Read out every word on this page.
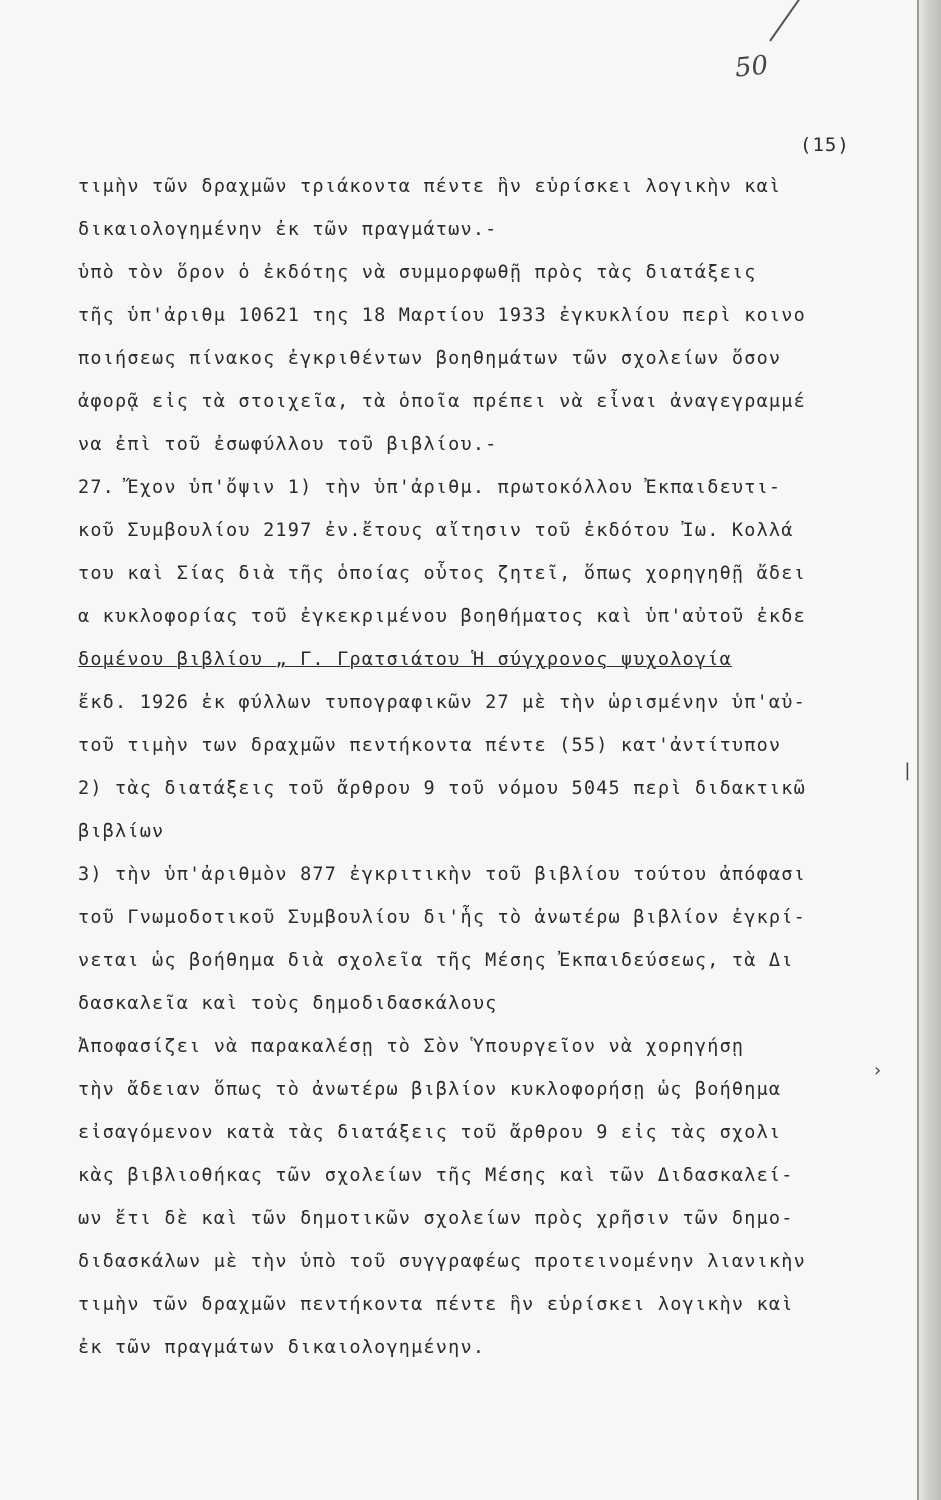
50
(15)
τιμὴν τῶν δραχμῶν τριάκοντα πέντε ἣν εὑρίσκει λογικὴν καὶ
δικαιολογημένην ἐκ τῶν πραγμάτων.-
ὑπὸ τὸν ὅρον ὁ ἐκδότης νὰ συμμορφωθῇ πρὸς τὰς διατάξεις
τῆς ὑπ'ἀριθμ 10621 της 18 Μαρτίου 1933 ἐγκυκλίου περὶ κοινο
ποιήσεως πίνακος ἐγκριθέντων βοηθημάτων τῶν σχολείων ὅσον
ἀφορᾷ εἰς τὰ στοιχεῖα, τὰ ὁποῖα πρέπει νὰ εἶναι ἀναγεγραμμέ
να ἐπὶ τοῦ ἐσωφύλλου τοῦ βιβλίου.-
27. Ἔχον ὑπ'ὄψιν 1) τὴν ὑπ'ἀριθμ. πρωτοκόλλου Ἐκπαιδευτι-
κοῦ Συμβουλίου 2197 ἐν.ἔτους αἴτησιν τοῦ ἐκδότου Ἰω. Κολλά
του καὶ Σίας διὰ τῆς ὁποίας οὗτος ζητεῖ, ὅπως χορηγηθῇ ἄδει
α κυκλοφορίας τοῦ ἐγκεκριμένου βοηθήματος καὶ ὑπ'αὐτοῦ ἐκδε
δομένου βιβλίου „ Γ. Γρατσιάτου Ἡ σύγχρονος ψυχολογία
ἔκδ. 1926 ἐκ φύλλων τυπογραφικῶν 27 μὲ τὴν ὡρισμένην ὑπ'αὐ-
τοῦ τιμὴν των δραχμῶν πεντήκοντα πέντε (55) κατ'ἀντίτυπον
2) τὰς διατάξεις τοῦ ἄρθρου 9 τοῦ νόμου 5045 περὶ διδακτικῶ
βιβλίων
3) τὴν ὑπ'ἀριθμὸν 877 ἐγκριτικὴν τοῦ βιβλίου τούτου ἀπόφασι
τοῦ Γνωμοδοτικοῦ Συμβουλίου δι'ἧς τὸ ἀνωτέρω βιβλίον ἐγκρί-
νεται ὡς βοήθημα διὰ σχολεῖα τῆς Μέσης Ἐκπαιδεύσεως, τὰ Δι
δασκαλεῖα καὶ τοὺς δημοδιδασκάλους
Ἀποφασίζει νὰ παρακαλέσῃ τὸ Σὸν Ὑπουργεῖον νὰ χορηγήσῃ
τὴν ἄδειαν ὅπως τὸ ἀνωτέρω βιβλίον κυκλοφορήσῃ ὡς βοήθημα
εἰσαγόμενον κατὰ τὰς διατάξεις τοῦ ἄρθρου 9 εἰς τὰς σχολι
κὰς βιβλιοθήκας τῶν σχολείων τῆς Μέσης καὶ τῶν Διδασκαλεί-
ων ἔτι δὲ καὶ τῶν δημοτικῶν σχολείων πρὸς χρῆσιν τῶν δημο-
διδασκάλων μὲ τὴν ὑπὸ τοῦ συγγραφέως προτεινομένην λιανικὴν
τιμὴν τῶν δραχμῶν πεντήκοντα πέντε ἣν εὑρίσκει λογικὴν καὶ
ἐκ τῶν πραγμάτων δικαιολογημένην.
|
›
